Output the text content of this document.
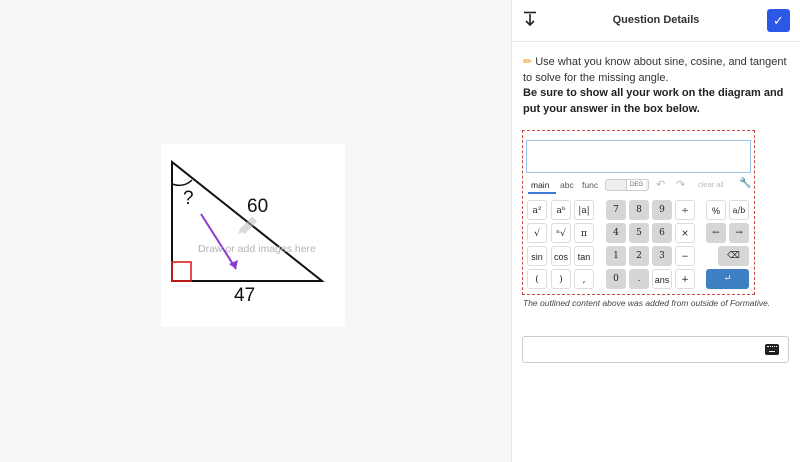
?	60
47
Draw or add images here
Question Details	✓
✏ Use what you know about sine, cosine, and tangent to solve for the missing angle.
Be sure to show all your work on the diagram and put your answer in the box below.
main abc func	DEG ↶ ↷ clear all 🔧
a²	aᵇ	|a|	7	8	9	÷	%	a/b
√	ⁿ√	π	4	5	6	×	←	→
sin	cos	tan	1	2	3	−	⌫
(	)	,	0	.	ans	+	↵
The outlined content above was added from outside of Formative.
